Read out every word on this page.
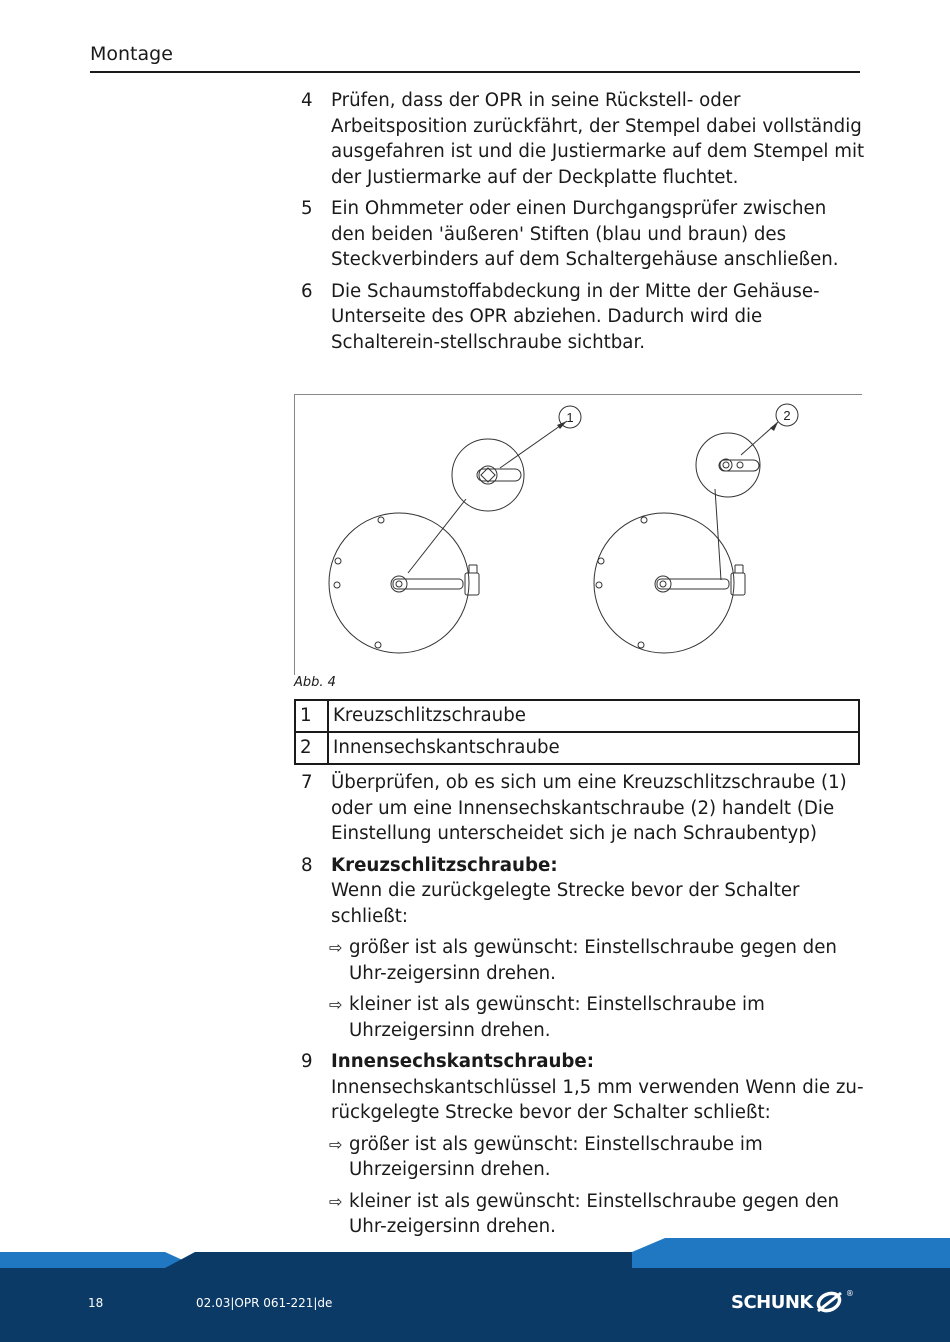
Montage
4	Prüfen, dass der OPR in seine Rückstell- oder Arbeitsposition zurückfährt, der Stempel dabei vollständig ausgefahren ist und die Justiermarke auf dem Stempel mit der Justiermarke auf der Deckplatte fluchtet.
5	Ein Ohmmeter oder einen Durchgangsprüfer zwischen den beiden 'äußeren' Stiften (blau und braun) des Steckverbinders auf dem Schaltergehäuse anschließen.
6	Die Schaumstoffabdeckung in der Mitte der Gehäuse-Unterseite des OPR abziehen. Dadurch wird die Schalterein-stellschraube sichtbar.
1	2
Abb. 4
1	Kreuzschlitzschraube
2	Innensechskantschraube
7	Überprüfen, ob es sich um eine Kreuzschlitzschraube (1) oder um eine Innensechskantschraube (2) handelt (Die Einstellung unterscheidet sich je nach Schraubentyp)
8	Kreuzschlitzschraube:
Wenn die zurückgelegte Strecke bevor der Schalter schließt:
⇨ größer ist als gewünscht: Einstellschraube gegen den Uhr-zeigersinn drehen.
⇨ kleiner ist als gewünscht: Einstellschraube im Uhrzeigersinn drehen.
9	Innensechskantschraube:
Innensechskantschlüssel 1,5 mm verwenden Wenn die zu-rückgelegte Strecke bevor der Schalter schließt:
⇨ größer ist als gewünscht: Einstellschraube im Uhrzeigersinn drehen.
⇨ kleiner ist als gewünscht: Einstellschraube gegen den Uhr-zeigersinn drehen.
18	02.03|OPR 061-221|de	SCHUNK	®
